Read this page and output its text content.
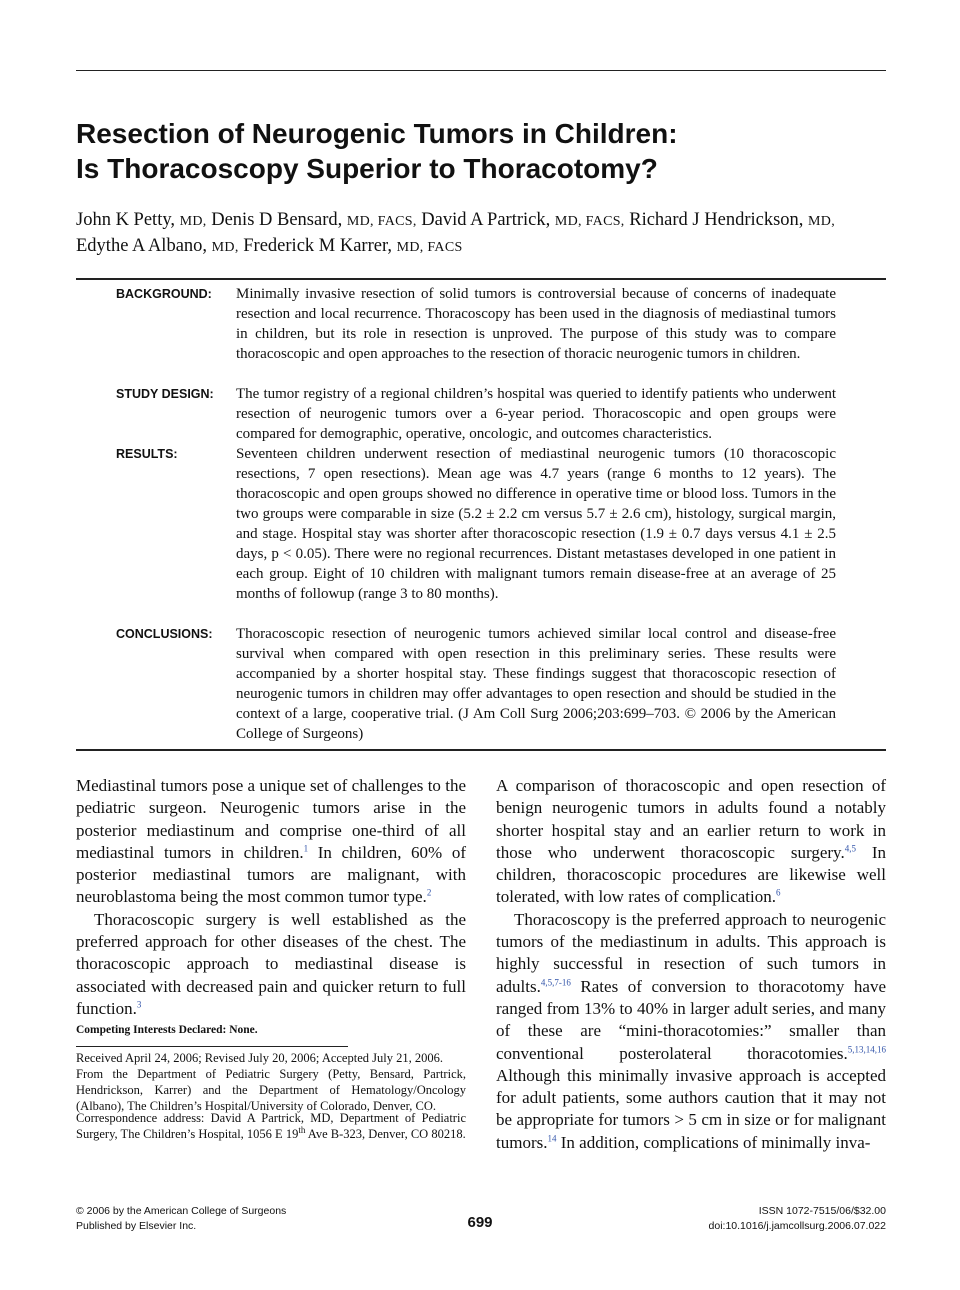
Resection of Neurogenic Tumors in Children:
Is Thoracoscopy Superior to Thoracotomy?
John K Petty, MD, Denis D Bensard, MD, FACS, David A Partrick, MD, FACS, Richard J Hendrickson, MD,
Edythe A Albano, MD, Frederick M Karrer, MD, FACS
BACKGROUND:	Minimally invasive resection of solid tumors is controversial because of concerns of inadequate resection and local recurrence. Thoracoscopy has been used in the diagnosis of mediastinal tumors in children, but its role in resection is unproved. The purpose of this study was to compare thoracoscopic and open approaches to the resection of thoracic neurogenic tumors in children.
STUDY DESIGN:	The tumor registry of a regional children’s hospital was queried to identify patients who underwent resection of neurogenic tumors over a 6-year period. Thoracoscopic and open groups were compared for demographic, operative, oncologic, and outcomes characteristics.
RESULTS:	Seventeen children underwent resection of mediastinal neurogenic tumors (10 thoracoscopic resections, 7 open resections). Mean age was 4.7 years (range 6 months to 12 years). The thoracoscopic and open groups showed no difference in operative time or blood loss. Tumors in the two groups were comparable in size (5.2 ± 2.2 cm versus 5.7 ± 2.6 cm), histology, surgical margin, and stage. Hospital stay was shorter after thoracoscopic resection (1.9 ± 0.7 days versus 4.1 ± 2.5 days, p < 0.05). There were no regional recurrences. Distant metastases developed in one patient in each group. Eight of 10 children with malignant tumors remain disease-free at an average of 25 months of followup (range 3 to 80 months).
CONCLUSIONS:	Thoracoscopic resection of neurogenic tumors achieved similar local control and disease-free survival when compared with open resection in this preliminary series. These results were accompanied by a shorter hospital stay. These findings suggest that thoracoscopic resection of neurogenic tumors in children may offer advantages to open resection and should be studied in the context of a large, cooperative trial. (J Am Coll Surg 2006;203:699–703. © 2006 by the American College of Surgeons)

Mediastinal tumors pose a unique set of challenges to the pediatric surgeon. Neurogenic tumors arise in the posterior mediastinum and comprise one-third of all mediastinal tumors in children.$^1$ In children, 60% of posterior mediastinal tumors are malignant, with neuroblastoma being the most common tumor type.$^2$

Thoracoscopic surgery is well established as the preferred approach for other diseases of the chest. The thoracoscopic approach to mediastinal disease is associated with decreased pain and quicker return to full function.$^3$

Competing Interests Declared: None.
Received April 24, 2006; Revised July 20, 2006; Accepted July 21, 2006.
From the Department of Pediatric Surgery (Petty, Bensard, Partrick, Hendrickson, Karrer) and the Department of Hematology/Oncology (Albano), The Children’s Hospital/University of Colorado, Denver, CO.
Correspondence address: David A Partrick, MD, Department of Pediatric Surgery, The Children’s Hospital, 1056 E 19th Ave B-323, Denver, CO 80218.

A comparison of thoracoscopic and open resection of benign neurogenic tumors in adults found a notably shorter hospital stay and an earlier return to work in those who underwent thoracoscopic surgery.$^{4,5}$ In children, thoracoscopic procedures are likewise well tolerated, with low rates of complication.$^6$

Thoracoscopy is the preferred approach to neurogenic tumors of the mediastinum in adults. This approach is highly successful in resection of such tumors in adults.$^{4,5,7-16}$ Rates of conversion to thoracotomy have ranged from 13% to 40% in larger adult series, and many of these are “mini-thoracotomies:” smaller than conventional posterolateral thoracotomies.$^{5,13,14,16}$ Although this minimally invasive approach is accepted for adult patients, some authors caution that it may not be appropriate for tumors > 5 cm in size or for malignant tumors.$^{14}$ In addition, complications of minimally inva-

© 2006 by the American College of Surgeons
Published by Elsevier Inc.	699
ISSN 1072-7515/06/$32.00
doi:10.1016/j.jamcollsurg.2006.07.022
